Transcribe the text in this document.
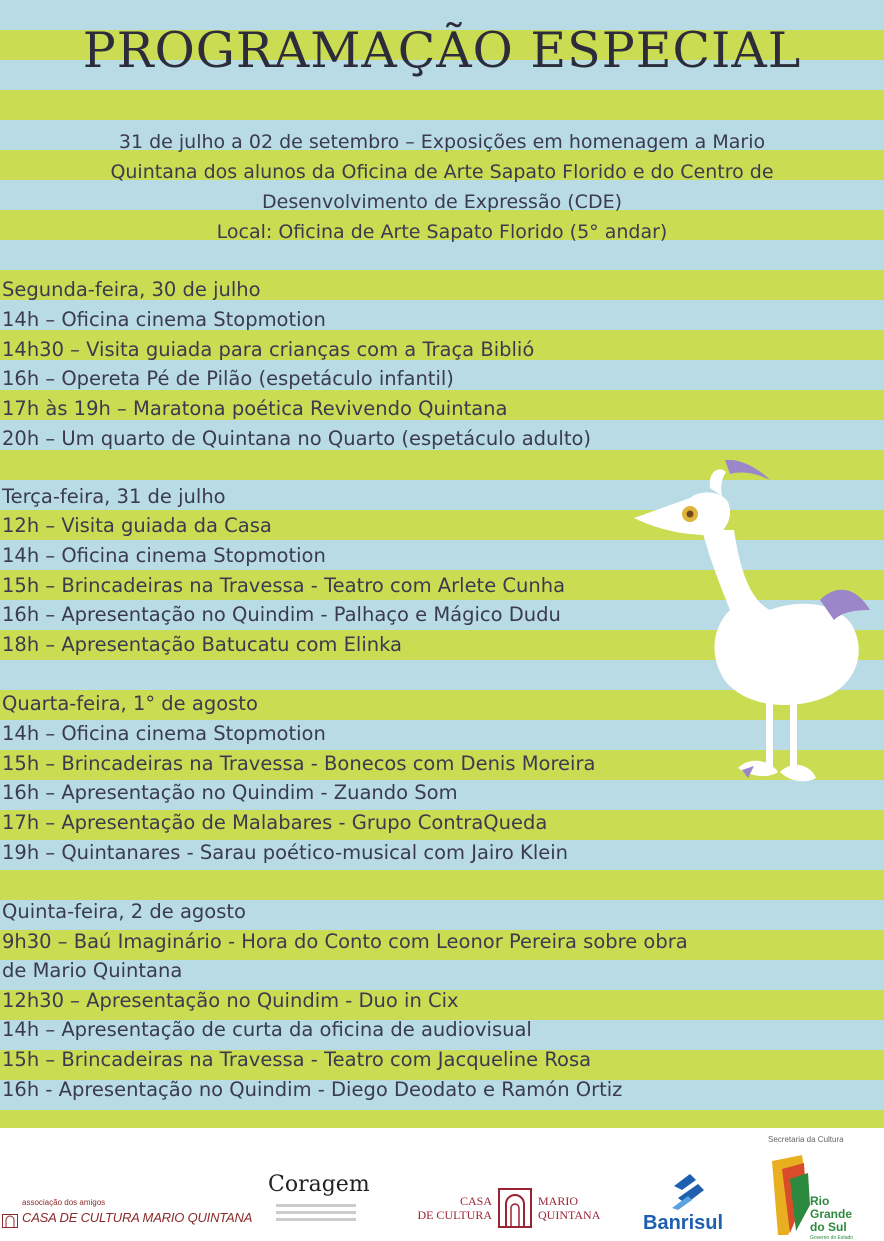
PROGRAMAÇÃO ESPECIAL
31 de julho a 02 de setembro – Exposições em homenagem a Mario
Quintana dos alunos da Oficina de Arte Sapato Florido e do Centro de
Desenvolvimento de Expressão (CDE)
Local: Oficina de Arte Sapato Florido (5° andar)
Segunda-feira, 30 de julho
14h – Oficina cinema Stopmotion
14h30 – Visita guiada para crianças com a Traça Biblió
16h – Opereta Pé de Pilão (espetáculo infantil)
17h às 19h – Maratona poética Revivendo Quintana
20h – Um quarto de Quintana no Quarto (espetáculo adulto)
Terça-feira, 31 de julho
12h – Visita guiada da Casa
14h – Oficina cinema Stopmotion
15h – Brincadeiras na Travessa - Teatro com Arlete Cunha
16h – Apresentação no Quindim - Palhaço e Mágico Dudu
18h – Apresentação Batucatu com Elinka
Quarta-feira, 1° de agosto
14h – Oficina cinema Stopmotion
15h – Brincadeiras na Travessa - Bonecos com Denis Moreira
16h – Apresentação no Quindim - Zuando Som
17h – Apresentação de Malabares - Grupo ContraQueda
19h – Quintanares - Sarau poético-musical com Jairo Klein
Quinta-feira, 2 de agosto
9h30 – Baú Imaginário - Hora do Conto com Leonor Pereira sobre obra
de Mario Quintana
12h30 – Apresentação no Quindim - Duo in Cix
14h – Apresentação de curta da oficina de audiovisual
15h – Brincadeiras na Travessa - Teatro com Jacqueline Rosa
16h - Apresentação no Quindim - Diego Deodato e Ramón Ortiz
Secretaria da Cultura
associação dos amigos
CASA DE CULTURA MARIO QUINTANA
Coragem
CASA
DE CULTURA
MARIO
QUINTANA Banrisul
Rio
Grande
do Sul
Governo do Estado
